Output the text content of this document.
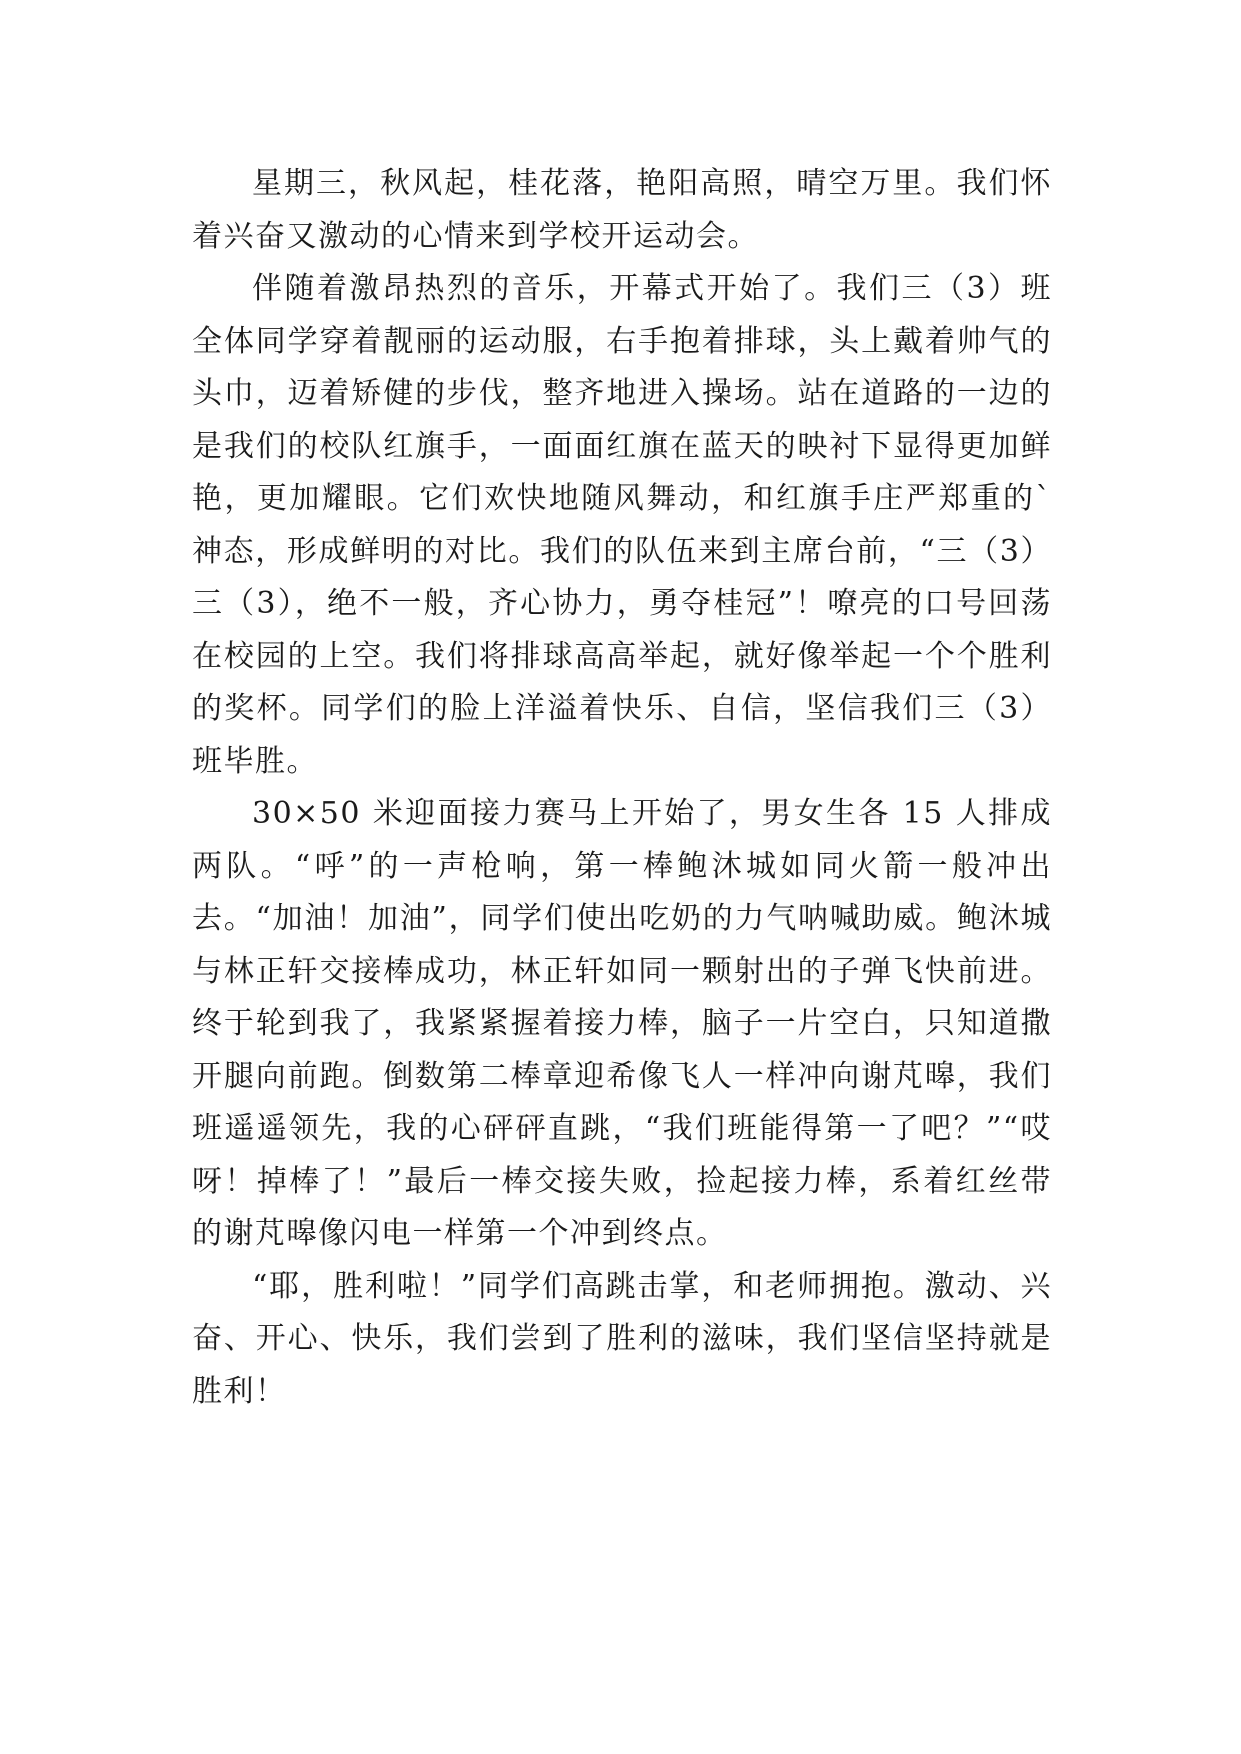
星期三，秋风起，桂花落，艳阳高照，晴空万里。我们怀着兴奋又激动的心情来到学校开运动会。

伴随着激昂热烈的音乐，开幕式开始了。我们三（3）班全体同学穿着靓丽的运动服，右手抱着排球，头上戴着帅气的头巾，迈着矫健的步伐，整齐地进入操场。站在道路的一边的是我们的校队红旗手，一面面红旗在蓝天的映衬下显得更加鲜艳，更加耀眼。它们欢快地随风舞动，和红旗手庄严郑重的`神态，形成鲜明的对比。我们的队伍来到主席台前，“三（3）三（3），绝不一般，齐心协力，勇夺桂冠”！嘹亮的口号回荡在校园的上空。我们将排球高高举起，就好像举起一个个胜利的奖杯。同学们的脸上洋溢着快乐、自信，坚信我们三（3）班毕胜。

30×50 米迎面接力赛马上开始了，男女生各 15 人排成两队。“呼”的一声枪响，第一棒鲍沐城如同火箭一般冲出去。“加油！加油”，同学们使出吃奶的力气呐喊助威。鲍沐城与林正轩交接棒成功，林正轩如同一颗射出的子弹飞快前进。终于轮到我了，我紧紧握着接力棒，脑子一片空白，只知道撒开腿向前跑。倒数第二棒章迎希像飞人一样冲向谢芃暤，我们班遥遥领先，我的心砰砰直跳，“我们班能得第一了吧？”“哎呀！掉棒了！”最后一棒交接失败，捡起接力棒，系着红丝带的谢芃暤像闪电一样第一个冲到终点。

“耶，胜利啦！”同学们高跳击掌，和老师拥抱。激动、兴奋、开心、快乐，我们尝到了胜利的滋味，我们坚信坚持就是胜利！
